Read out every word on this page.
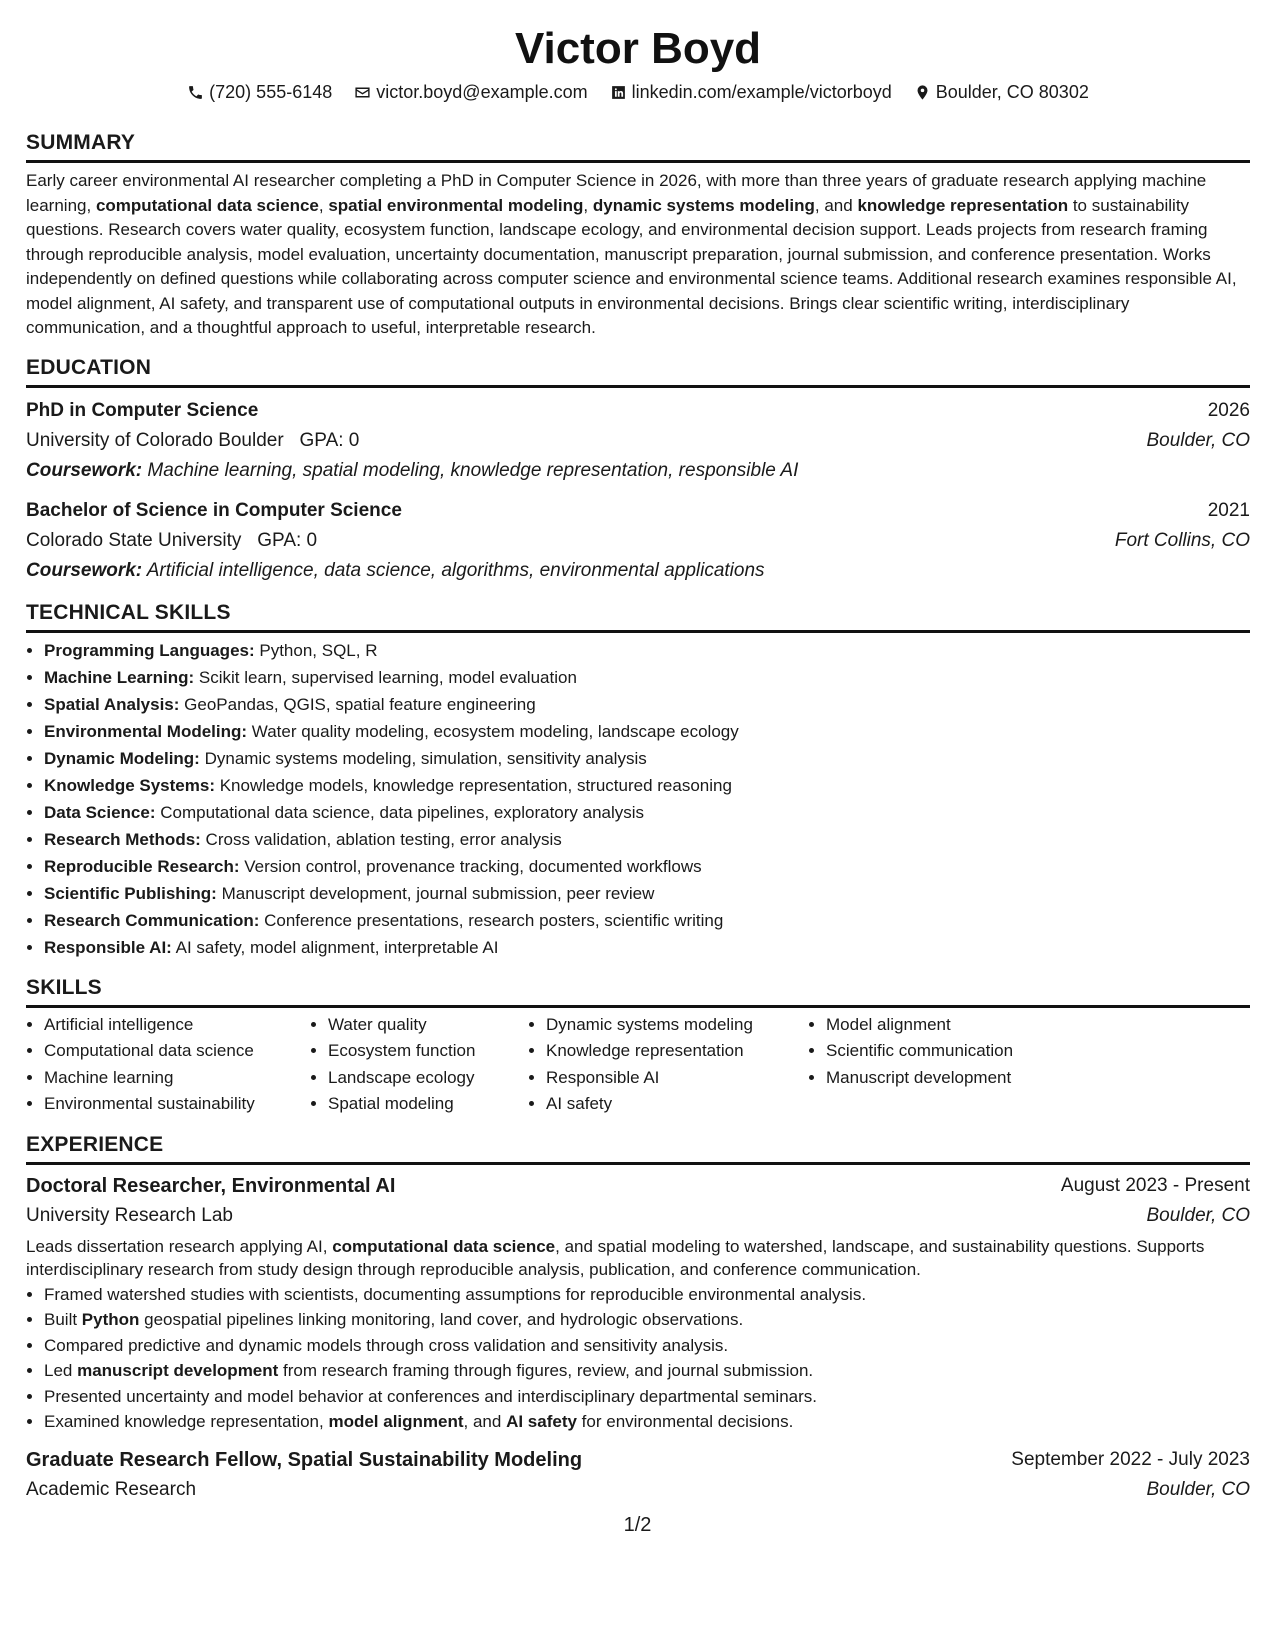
Victor Boyd
(720) 555-6148 victor.boyd@example.com linkedin.com/example/victorboyd Boulder, CO 80302
SUMMARY
Early career environmental AI researcher completing a PhD in Computer Science in 2026, with more than three years of graduate research applying machine learning, computational data science, spatial environmental modeling, dynamic systems modeling, and knowledge representation to sustainability questions. Research covers water quality, ecosystem function, landscape ecology, and environmental decision support. Leads projects from research framing through reproducible analysis, model evaluation, uncertainty documentation, manuscript preparation, journal submission, and conference presentation. Works independently on defined questions while collaborating across computer science and environmental science teams. Additional research examines responsible AI, model alignment, AI safety, and transparent use of computational outputs in environmental decisions. Brings clear scientific writing, interdisciplinary communication, and a thoughtful approach to useful, interpretable research.
EDUCATION
PhD in Computer Science	2026
University of Colorado Boulder GPA: 0	Boulder, CO
Coursework: Machine learning, spatial modeling, knowledge representation, responsible AI
Bachelor of Science in Computer Science	2021
Colorado State University GPA: 0	Fort Collins, CO
Coursework: Artificial intelligence, data science, algorithms, environmental applications
TECHNICAL SKILLS
• Programming Languages: Python, SQL, R
• Machine Learning: Scikit learn, supervised learning, model evaluation
• Spatial Analysis: GeoPandas, QGIS, spatial feature engineering
• Environmental Modeling: Water quality modeling, ecosystem modeling, landscape ecology
• Dynamic Modeling: Dynamic systems modeling, simulation, sensitivity analysis
• Knowledge Systems: Knowledge models, knowledge representation, structured reasoning
• Data Science: Computational data science, data pipelines, exploratory analysis
• Research Methods: Cross validation, ablation testing, error analysis
• Reproducible Research: Version control, provenance tracking, documented workflows
• Scientific Publishing: Manuscript development, journal submission, peer review
• Research Communication: Conference presentations, research posters, scientific writing
• Responsible AI: AI safety, model alignment, interpretable AI
SKILLS
• Artificial intelligence
• Computational data science
• Machine learning
• Environmental sustainability
• Water quality
• Ecosystem function
• Landscape ecology
• Spatial modeling
• Dynamic systems modeling
• Knowledge representation
• Responsible AI
• AI safety
• Model alignment
• Scientific communication
• Manuscript development
EXPERIENCE
Doctoral Researcher, Environmental AI	August 2023 - Present
University Research Lab	Boulder, CO
Leads dissertation research applying AI, computational data science, and spatial modeling to watershed, landscape, and sustainability questions. Supports interdisciplinary research from study design through reproducible analysis, publication, and conference communication.
• Framed watershed studies with scientists, documenting assumptions for reproducible environmental analysis.
• Built Python geospatial pipelines linking monitoring, land cover, and hydrologic observations.
• Compared predictive and dynamic models through cross validation and sensitivity analysis.
• Led manuscript development from research framing through figures, review, and journal submission.
• Presented uncertainty and model behavior at conferences and interdisciplinary departmental seminars.
• Examined knowledge representation, model alignment, and AI safety for environmental decisions.
Graduate Research Fellow, Spatial Sustainability Modeling	September 2022 - July 2023
Academic Research	Boulder, CO
1/2
